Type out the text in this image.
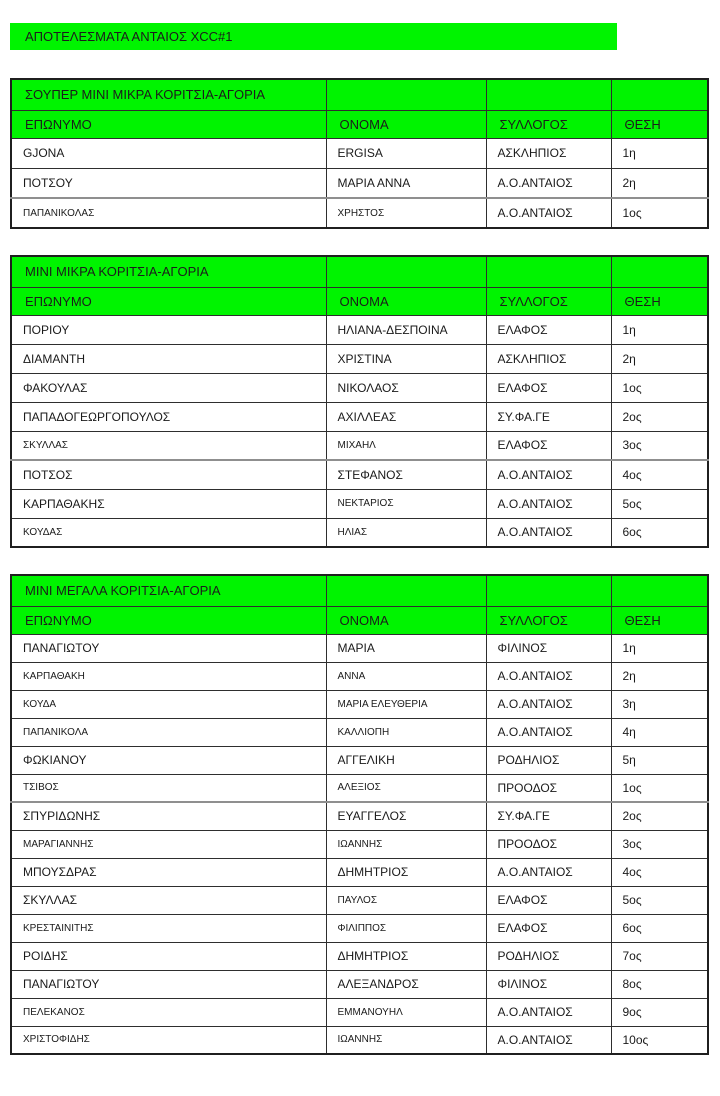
ΑΠΟΤΕΛΕΣΜΑΤΑ ΑΝΤΑΙΟΣ XCC#1
ΣΟΥΠΕΡ ΜΙΝΙ ΜΙΚΡΑ ΚΟΡΙΤΣΙΑ-ΑΓΟΡΙΑ			
ΕΠΩΝΥΜΟ	ΟΝΟΜΑ	ΣΥΛΛΟΓΟΣ	ΘΕΣΗ
GJONA	ERGISA	ΑΣΚΛΗΠΙΟΣ	1η
ΠΟΤΣΟΥ	ΜΑΡΙΑ ΑΝΝΑ	Α.Ο.ΑΝΤΑΙΟΣ	2η
ΠΑΠΑΝΙΚΟΛΑΣ	ΧΡΗΣΤΟΣ	Α.Ο.ΑΝΤΑΙΟΣ	1ος
ΜΙΝΙ ΜΙΚΡΑ ΚΟΡΙΤΣΙΑ-ΑΓΟΡΙΑ			
ΕΠΩΝΥΜΟ	ΟΝΟΜΑ	ΣΥΛΛΟΓΟΣ	ΘΕΣΗ
ΠΟΡΙΟΥ	ΗΛΙΑΝΑ-ΔΕΣΠΟΙΝΑ	ΕΛΑΦΟΣ	1η
ΔΙΑΜΑΝΤΗ	ΧΡΙΣΤΙΝΑ	ΑΣΚΛΗΠΙΟΣ	2η
ΦΑΚΟΥΛΑΣ	ΝΙΚΟΛΑΟΣ	ΕΛΑΦΟΣ	1ος
ΠΑΠΑΔΟΓΕΩΡΓΟΠΟΥΛΟΣ	ΑΧΙΛΛΕΑΣ	ΣΥ.ΦΑ.ΓΕ	2ος
ΣΚΥΛΛΑΣ	ΜΙΧΑΗΛ	ΕΛΑΦΟΣ	3ος
ΠΟΤΣΟΣ	ΣΤΕΦΑΝΟΣ	Α.Ο.ΑΝΤΑΙΟΣ	4ος
ΚΑΡΠΑΘΑΚΗΣ	ΝΕΚΤΑΡΙΟΣ	Α.Ο.ΑΝΤΑΙΟΣ	5ος
ΚΟΥΔΑΣ	ΗΛΙΑΣ	Α.Ο.ΑΝΤΑΙΟΣ	6ος
ΜΙΝΙ ΜΕΓΑΛΑ ΚΟΡΙΤΣΙΑ-ΑΓΟΡΙΑ			
ΕΠΩΝΥΜΟ	ΟΝΟΜΑ	ΣΥΛΛΟΓΟΣ	ΘΕΣΗ
ΠΑΝΑΓΙΩΤΟΥ	ΜΑΡΙΑ	ΦΙΛΙΝΟΣ	1η
ΚΑΡΠΑΘΑΚΗ	ΑΝΝΑ	Α.Ο.ΑΝΤΑΙΟΣ	2η
ΚΟΥΔΑ	ΜΑΡΙΑ ΕΛΕΥΘΕΡΙΑ	Α.Ο.ΑΝΤΑΙΟΣ	3η
ΠΑΠΑΝΙΚΟΛΑ	ΚΑΛΛΙΟΠΗ	Α.Ο.ΑΝΤΑΙΟΣ	4η
ΦΩΚΙΑΝΟΥ	ΑΓΓΕΛΙΚΗ	ΡΟΔΗΛΙΟΣ	5η
ΤΣΙΒΟΣ	ΑΛΕΞΙΟΣ	ΠΡΟΟΔΟΣ	1ος
ΣΠΥΡΙΔΩΝΗΣ	ΕΥΑΓΓΕΛΟΣ	ΣΥ.ΦΑ.ΓΕ	2ος
ΜΑΡΑΓΙΑΝΝΗΣ	ΙΩΑΝΝΗΣ	ΠΡΟΟΔΟΣ	3ος
ΜΠΟΥΣΔΡΑΣ	ΔΗΜΗΤΡΙΟΣ	Α.Ο.ΑΝΤΑΙΟΣ	4ος
ΣΚΥΛΛΑΣ	ΠΑΥΛΟΣ	ΕΛΑΦΟΣ	5ος
ΚΡΕΣΤΑΙΝΙΤΗΣ	ΦΙΛΙΠΠΟΣ	ΕΛΑΦΟΣ	6ος
ΡΟΙΔΗΣ	ΔΗΜΗΤΡΙΟΣ	ΡΟΔΗΛΙΟΣ	7ος
ΠΑΝΑΓΙΩΤΟΥ	ΑΛΕΞΑΝΔΡΟΣ	ΦΙΛΙΝΟΣ	8ος
ΠΕΛΕΚΑΝΟΣ	ΕΜΜΑΝΟΥΗΛ	Α.Ο.ΑΝΤΑΙΟΣ	9ος
ΧΡΙΣΤΟΦΙΔΗΣ	ΙΩΑΝΝΗΣ	Α.Ο.ΑΝΤΑΙΟΣ	10ος
